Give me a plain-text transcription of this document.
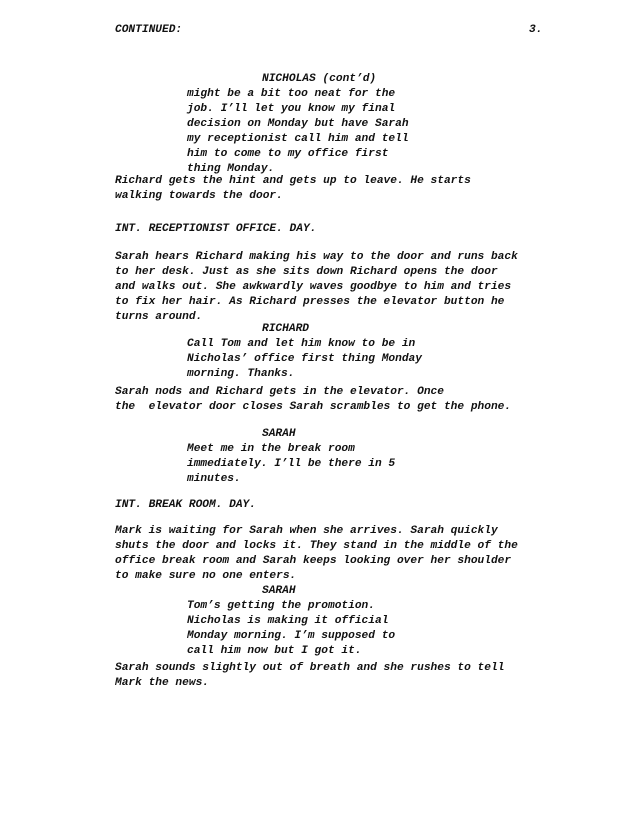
CONTINUED:	3.
NICHOLAS (cont’d)
might be a bit too neat for the
job. I’ll let you know my final
decision on Monday but have Sarah
my receptionist call him and tell
him to come to my office first
thing Monday.
Richard gets the hint and gets up to leave. He starts
walking towards the door.
INT. RECEPTIONIST OFFICE. DAY.
Sarah hears Richard making his way to the door and runs back
to her desk. Just as she sits down Richard opens the door
and walks out. She awkwardly waves goodbye to him and tries
to fix her hair. As Richard presses the elevator button he
turns around.
RICHARD
Call Tom and let him know to be in
Nicholas’ office first thing Monday
morning. Thanks.
Sarah nods and Richard gets in the elevator. Once
the  elevator door closes Sarah scrambles to get the phone.
SARAH
Meet me in the break room
immediately. I’ll be there in 5
minutes.
INT. BREAK ROOM. DAY.
Mark is waiting for Sarah when she arrives. Sarah quickly
shuts the door and locks it. They stand in the middle of the
office break room and Sarah keeps looking over her shoulder
to make sure no one enters.
SARAH
Tom’s getting the promotion.
Nicholas is making it official
Monday morning. I’m supposed to
call him now but I got it.
Sarah sounds slightly out of breath and she rushes to tell
Mark the news.
